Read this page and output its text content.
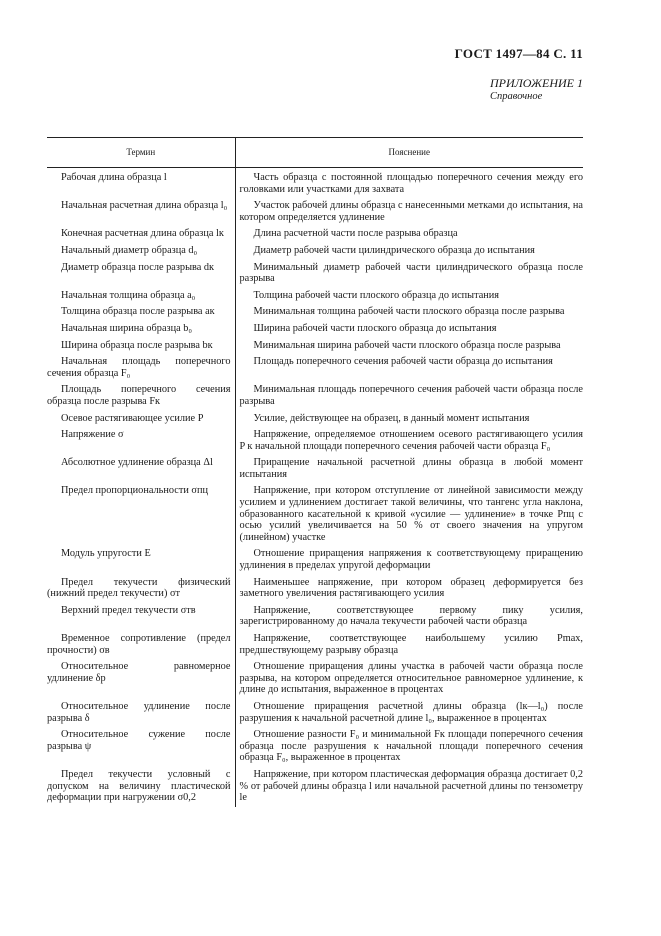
ГОСТ 1497—84 С. 11
ПРИЛОЖЕНИЕ 1
Справочное
Термин	Пояснение

Рабочая длина образца l	Часть образца с постоянной площадью поперечного сечения между его головками или участками для захвата

Начальная расчетная длина образца l₀	Участок рабочей длины образца с нанесенными метками до испытания, на котором определяется удлинение

Конечная расчетная длина образца lк	Длина расчетной части после разрыва образца

Начальный диаметр образца d₀	Диаметр рабочей части цилиндрического образца до испытания

Диаметр образца после разрыва dк	Минимальный диаметр рабочей части цилиндрического образца после разрыва

Начальная толщина образца a₀	Толщина рабочей части плоского образца до испытания

Толщина образца после разрыва aк	Минимальная толщина рабочей части плоского образца после разрыва

Начальная ширина образца b₀	Ширина рабочей части плоского образца до испытания

Ширина образца после разрыва bк	Минимальная ширина рабочей части плоского образца после разрыва

Начальная площадь поперечного сечения образца F₀	Площадь поперечного сечения рабочей части образца до испытания

Площадь поперечного сечения образца после разрыва Fк	Минимальная площадь поперечного сечения рабочей части образца после разрыва

Осевое растягивающее усилие P	Усилие, действующее на образец, в данный момент испытания

Напряжение σ	Напряжение, определяемое отношением осевого растягивающего усилия P к начальной площади поперечного сечения рабочей части образца F₀

Абсолютное удлинение образца Δl	Приращение начальной расчетной длины образца в любой момент испытания

Предел пропорциональности σпц	Напряжение, при котором отступление от линейной зависимости между усилием и удлинением достигает такой величины, что тангенс угла наклона, образованного касательной к кривой «усилие — удлинение» в точке Pпц с осью усилий увеличивается на 50 % от своего значения на упругом (линейном) участке

Модуль упругости E	Отношение приращения напряжения к соответствующему приращению удлинения в пределах упругой деформации

Предел текучести физический (нижний предел текучести) σт	Наименьшее напряжение, при котором образец деформируется без заметного увеличения растягивающего усилия

Верхний предел текучести σтв	Напряжение, соответствующее первому пику усилия, зарегистрированному до начала текучести рабочей части образца

Временное сопротивление (предел прочности) σв	Напряжение, соответствующее наибольшему усилию Pmax, предшествующему разрыву образца

Относительное равномерное удлинение δр	Отношение приращения длины участка в рабочей части образца после разрыва, на котором определяется относительное равномерное удлинение, к длине до испытания, выраженное в процентах

Относительное удлинение после разрыва δ	Отношение приращения расчетной длины образца (lк—l₀) после разрушения к начальной расчетной длине l₀, выраженное в процентах

Относительное сужение после разрыва ψ	Отношение разности F₀ и минимальной Fк площади поперечного сечения образца после разрушения к начальной площади поперечного сечения образца F₀, выраженное в процентах

Предел текучести условный с допуском на величину пластической деформации при нагружении σ0,2	Напряжение, при котором пластическая деформация образца достигает 0,2 % от рабочей длины образца l или начальной расчетной длины по тензометру lе
